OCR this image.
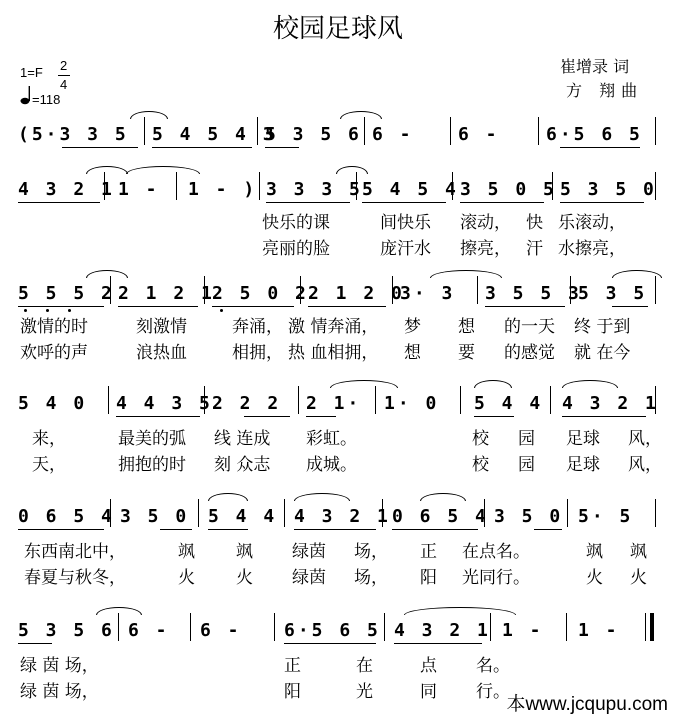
校园足球风
崔增录 词
方 翔曲
1=F 2
4
=118
(5·3 3 5 5 4 5 4 3
5 3 5 6 6 - 6 -	6·5 6 5
4 3 2 1 1 - 1 - ) 3 3 3 5 5 4 5 4 3 5 0 5 5 3 5 0
快乐的课	间快乐 滚动， 快 乐滚动，
亮丽的脸	庞汗水 擦亮， 汗 水擦亮，
5 5 5 2 2 1 2 1
2 5 0 2 2 1 2 0
3· 3 3 5 5 3
5 3 5
激情的时	刻激情	奔涌， 激 情奔涌， 梦 想 的一天 终 于到
欢呼的声	浪热血	相拥， 热 血相拥， 想 要 的感觉 就 在今
5 4 0 4 4 3 5 2 2 2 2 1· 1· 0 5 4 4 4 3 2 1
来，	最美的弧 线 连成 彩虹。	校 园 足球 风，
天，	拥抱的时 刻 众志 成城。	校 园 足球 风，
0 6 5 4 3 5 0 5 4 4 4 3 2 1 0 6 5 4 3 5 0 5· 5
东西南北中，	飒 飒 绿茵 场， 正 在点名。	飒 飒
春夏与秋冬，	火 火 绿茵 场， 阳 光同行。	火 火
5 3 5 6 6 - 6 - 6·5 6 5 4 3 2 1 1 - 1 -
绿 茵 场，	正	在	点 名。
绿 茵 场，	阳	光	同 行。
本www.jcqupu.com
